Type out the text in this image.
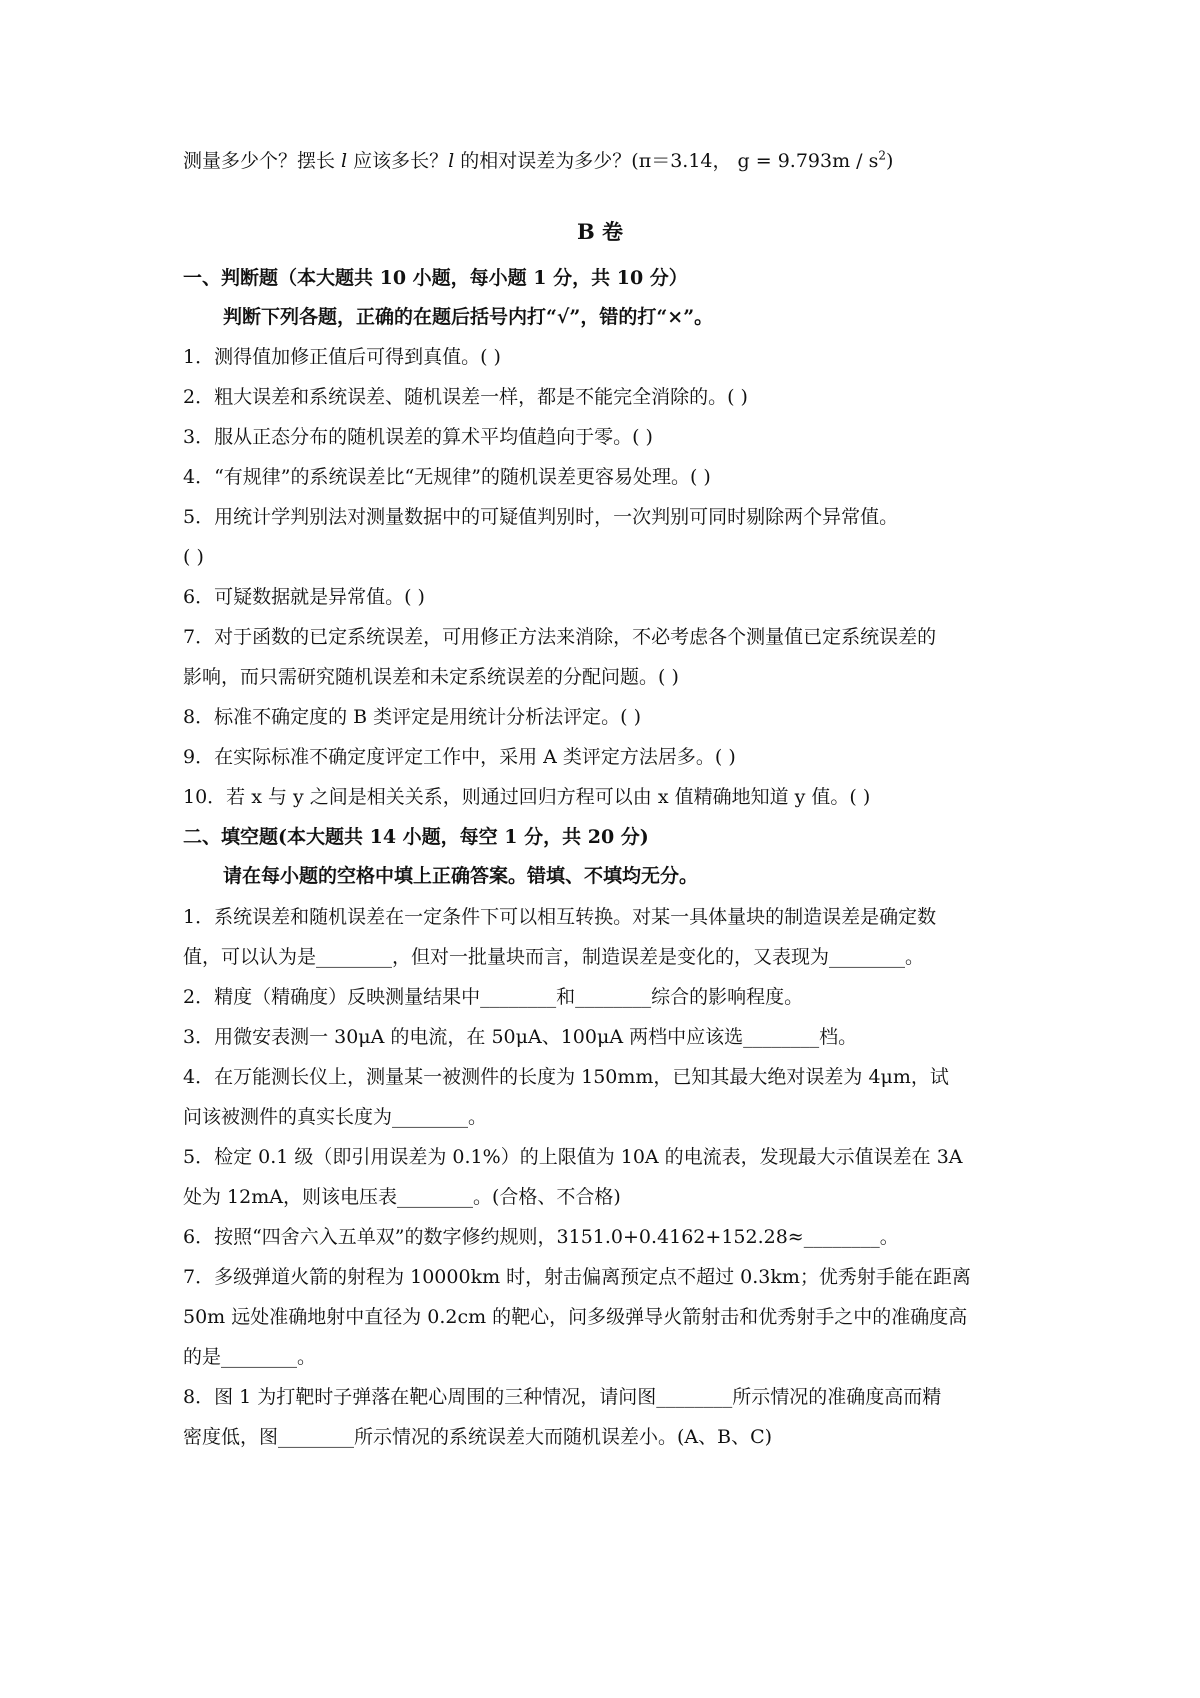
测量多少个？摆长 l 应该多长？l 的相对误差为多少？(π＝3.14， $g = 9.793m / s^2$)
B 卷
一、判断题（本大题共 10 小题，每小题 1 分，共 10 分）
判断下列各题，正确的在题后括号内打“√”，错的打“×”。
1．测得值加修正值后可得到真值。( )
2．粗大误差和系统误差、随机误差一样，都是不能完全消除的。( )
3．服从正态分布的随机误差的算术平均值趋向于零。( )
4．“有规律”的系统误差比“无规律”的随机误差更容易处理。( )
5．用统计学判别法对测量数据中的可疑值判别时，一次判别可同时剔除两个异常值。
( )
6．可疑数据就是异常值。( )
7．对于函数的已定系统误差，可用修正方法来消除，不必考虑各个测量值已定系统误差的
影响，而只需研究随机误差和未定系统误差的分配问题。( )
8．标准不确定度的 B 类评定是用统计分析法评定。( )
9．在实际标准不确定度评定工作中，采用 A 类评定方法居多。( )
10．若 x 与 y 之间是相关关系，则通过回归方程可以由 x 值精确地知道 y 值。( )
二、填空题(本大题共 14 小题，每空 1 分，共 20 分)
请在每小题的空格中填上正确答案。错填、不填均无分。
1．系统误差和随机误差在一定条件下可以相互转换。对某一具体量块的制造误差是确定数
值，可以认为是________，但对一批量块而言，制造误差是变化的，又表现为________。
2．精度（精确度）反映测量结果中________和________综合的影响程度。
3．用微安表测一 30μA 的电流，在 50μA、100μA 两档中应该选________档。
4．在万能测长仪上，测量某一被测件的长度为 150mm，已知其最大绝对误差为 4μm，试
问该被测件的真实长度为________。
5．检定 0.1 级（即引用误差为 0.1%）的上限值为 10A 的电流表，发现最大示值误差在 3A
处为 12mA，则该电压表________。(合格、不合格)
6．按照“四舍六入五单双”的数字修约规则，3151.0+0.4162+152.28≈________。
7．多级弹道火箭的射程为 10000km 时，射击偏离预定点不超过 0.3km；优秀射手能在距离
50m 远处准确地射中直径为 0.2cm 的靶心，问多级弹导火箭射击和优秀射手之中的准确度高
的是________。
8．图 1 为打靶时子弹落在靶心周围的三种情况，请问图________所示情况的准确度高而精
密度低，图________所示情况的系统误差大而随机误差小。(A、B、C)
